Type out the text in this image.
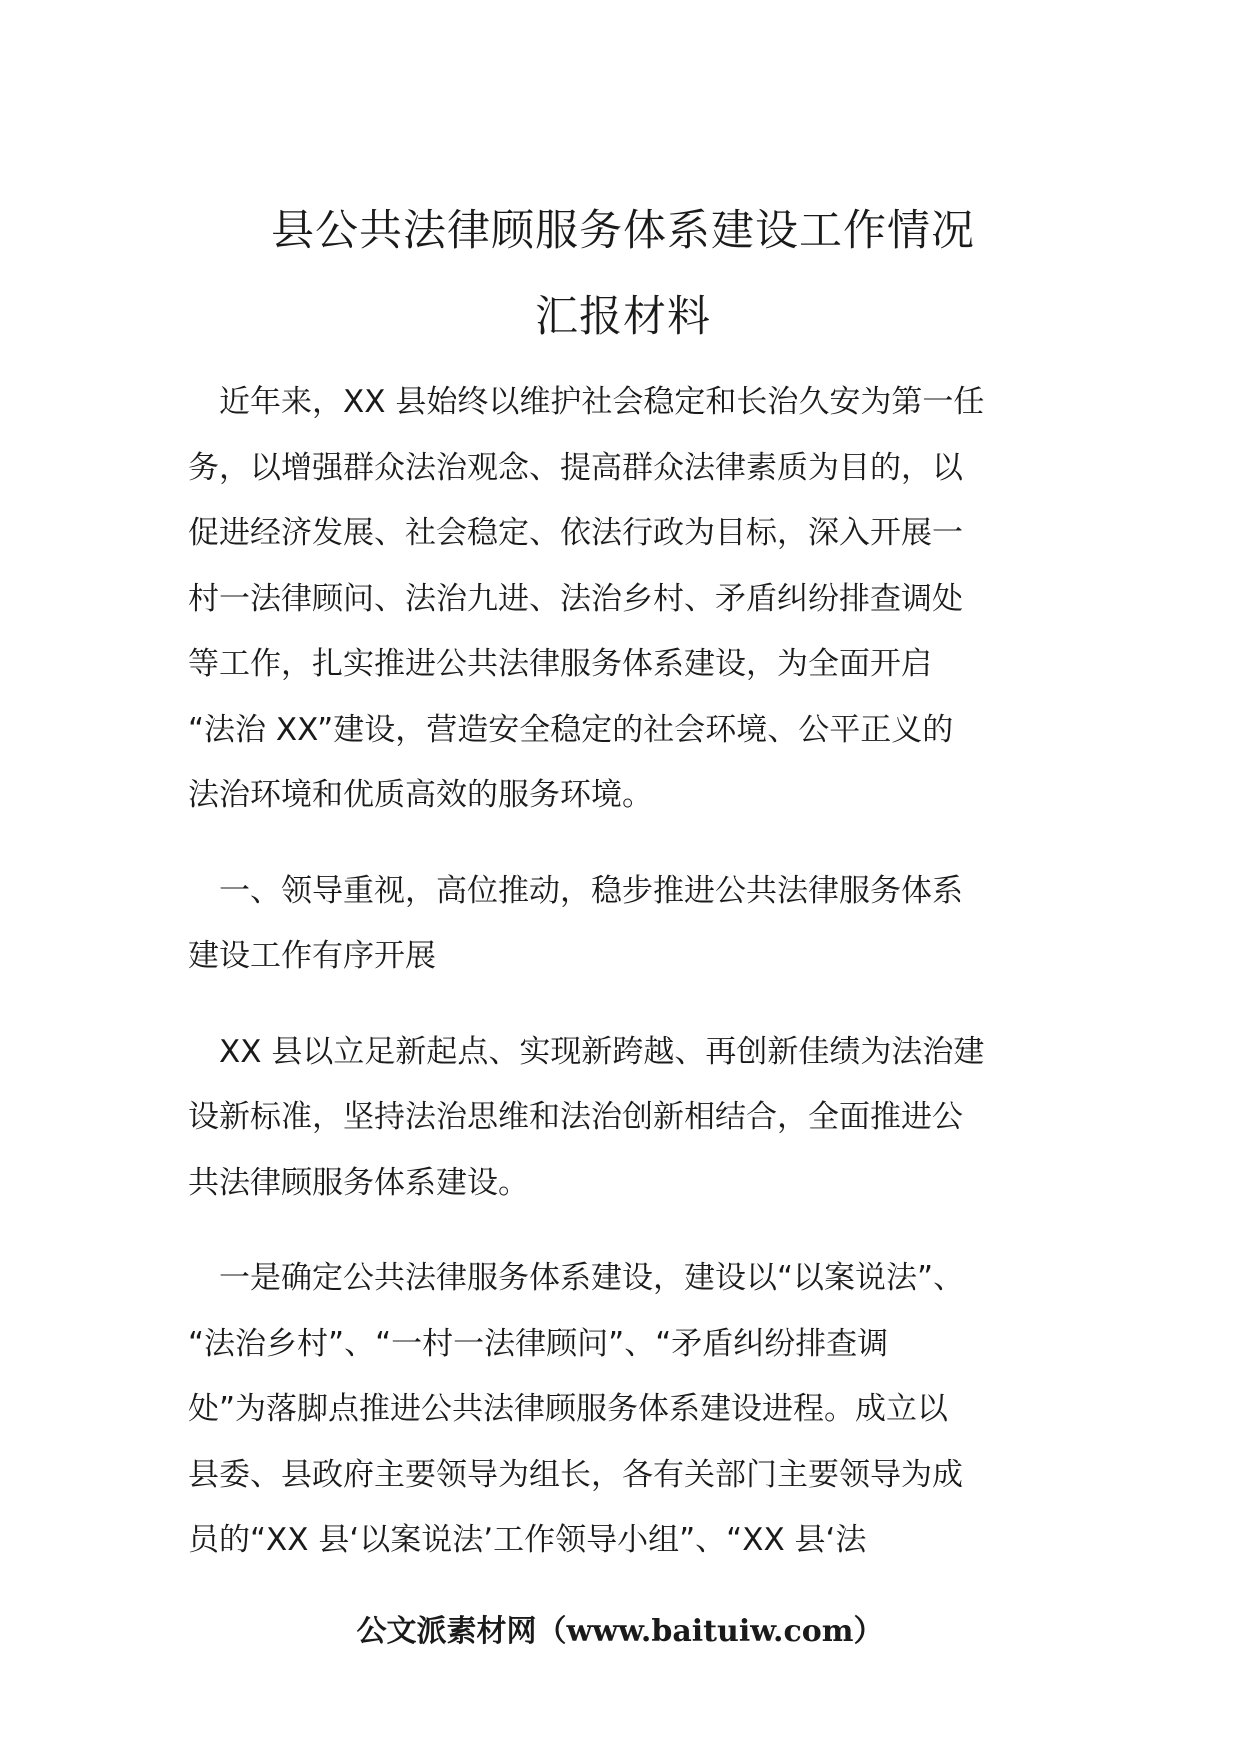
县公共法律顾服务体系建设工作情况
汇报材料
　近年来，XX 县始终以维护社会稳定和长治久安为第一任
务，以增强群众法治观念、提高群众法律素质为目的，以
促进经济发展、社会稳定、依法行政为目标，深入开展一
村一法律顾问、法治九进、法治乡村、矛盾纠纷排查调处
等工作，扎实推进公共法律服务体系建设，为全面开启
“法治 XX”建设，营造安全稳定的社会环境、公平正义的
法治环境和优质高效的服务环境。
　一、领导重视，高位推动，稳步推进公共法律服务体系
建设工作有序开展
　XX 县以立足新起点、实现新跨越、再创新佳绩为法治建
设新标准，坚持法治思维和法治创新相结合，全面推进公
共法律顾服务体系建设。
　一是确定公共法律服务体系建设，建设以“以案说法”、
“法治乡村”、“一村一法律顾问”、“矛盾纠纷排查调
处”为落脚点推进公共法律顾服务体系建设进程。成立以
县委、县政府主要领导为组长，各有关部门主要领导为成
员的“XX 县‘以案说法’工作领导小组”、“XX 县‘法
公文派素材网（www.baituiw.com）
